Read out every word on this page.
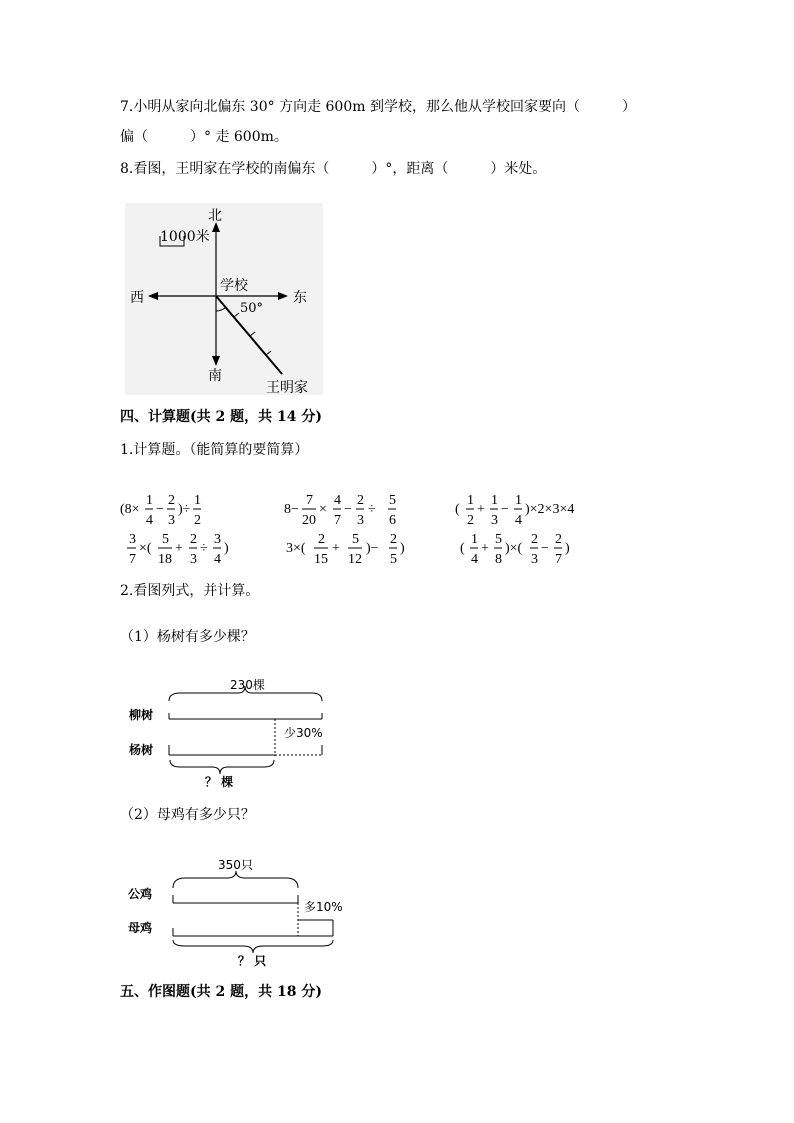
7.小明从家向北偏东 30° 方向走 600m 到学校，那么他从学校回家要向（　　　）
偏（　　　）° 走 600m。
8.看图，王明家在学校的南偏东（　　　）°，距离（　　　）米处。
1000米
北
南
西	东
学校
50°
王明家
四、计算题(共 2 题，共 14 分)
1.计算题。（能简算的要简算）
(8×
1
4
−
2
3
)÷
1
2
8−
7
20
×
4
7
−
2
3
÷
5
6
(
1
2
+
1
3
−
1
4
)×2×3×4
3
7
×(
5
18
+
2
3
÷
3
4
)	3×(
2
15
+
5
12
)−
2
5
)	(
1
4
+
5
8
)×(
2
3
−
2
7
)
2.看图列式，并计算。
（1）杨树有多少棵？
230棵
柳树
少30%
杨树
？ 棵
（2）母鸡有多少只？
350只
公鸡
多10%
母鸡
？ 只
五、作图题(共 2 题，共 18 分)
